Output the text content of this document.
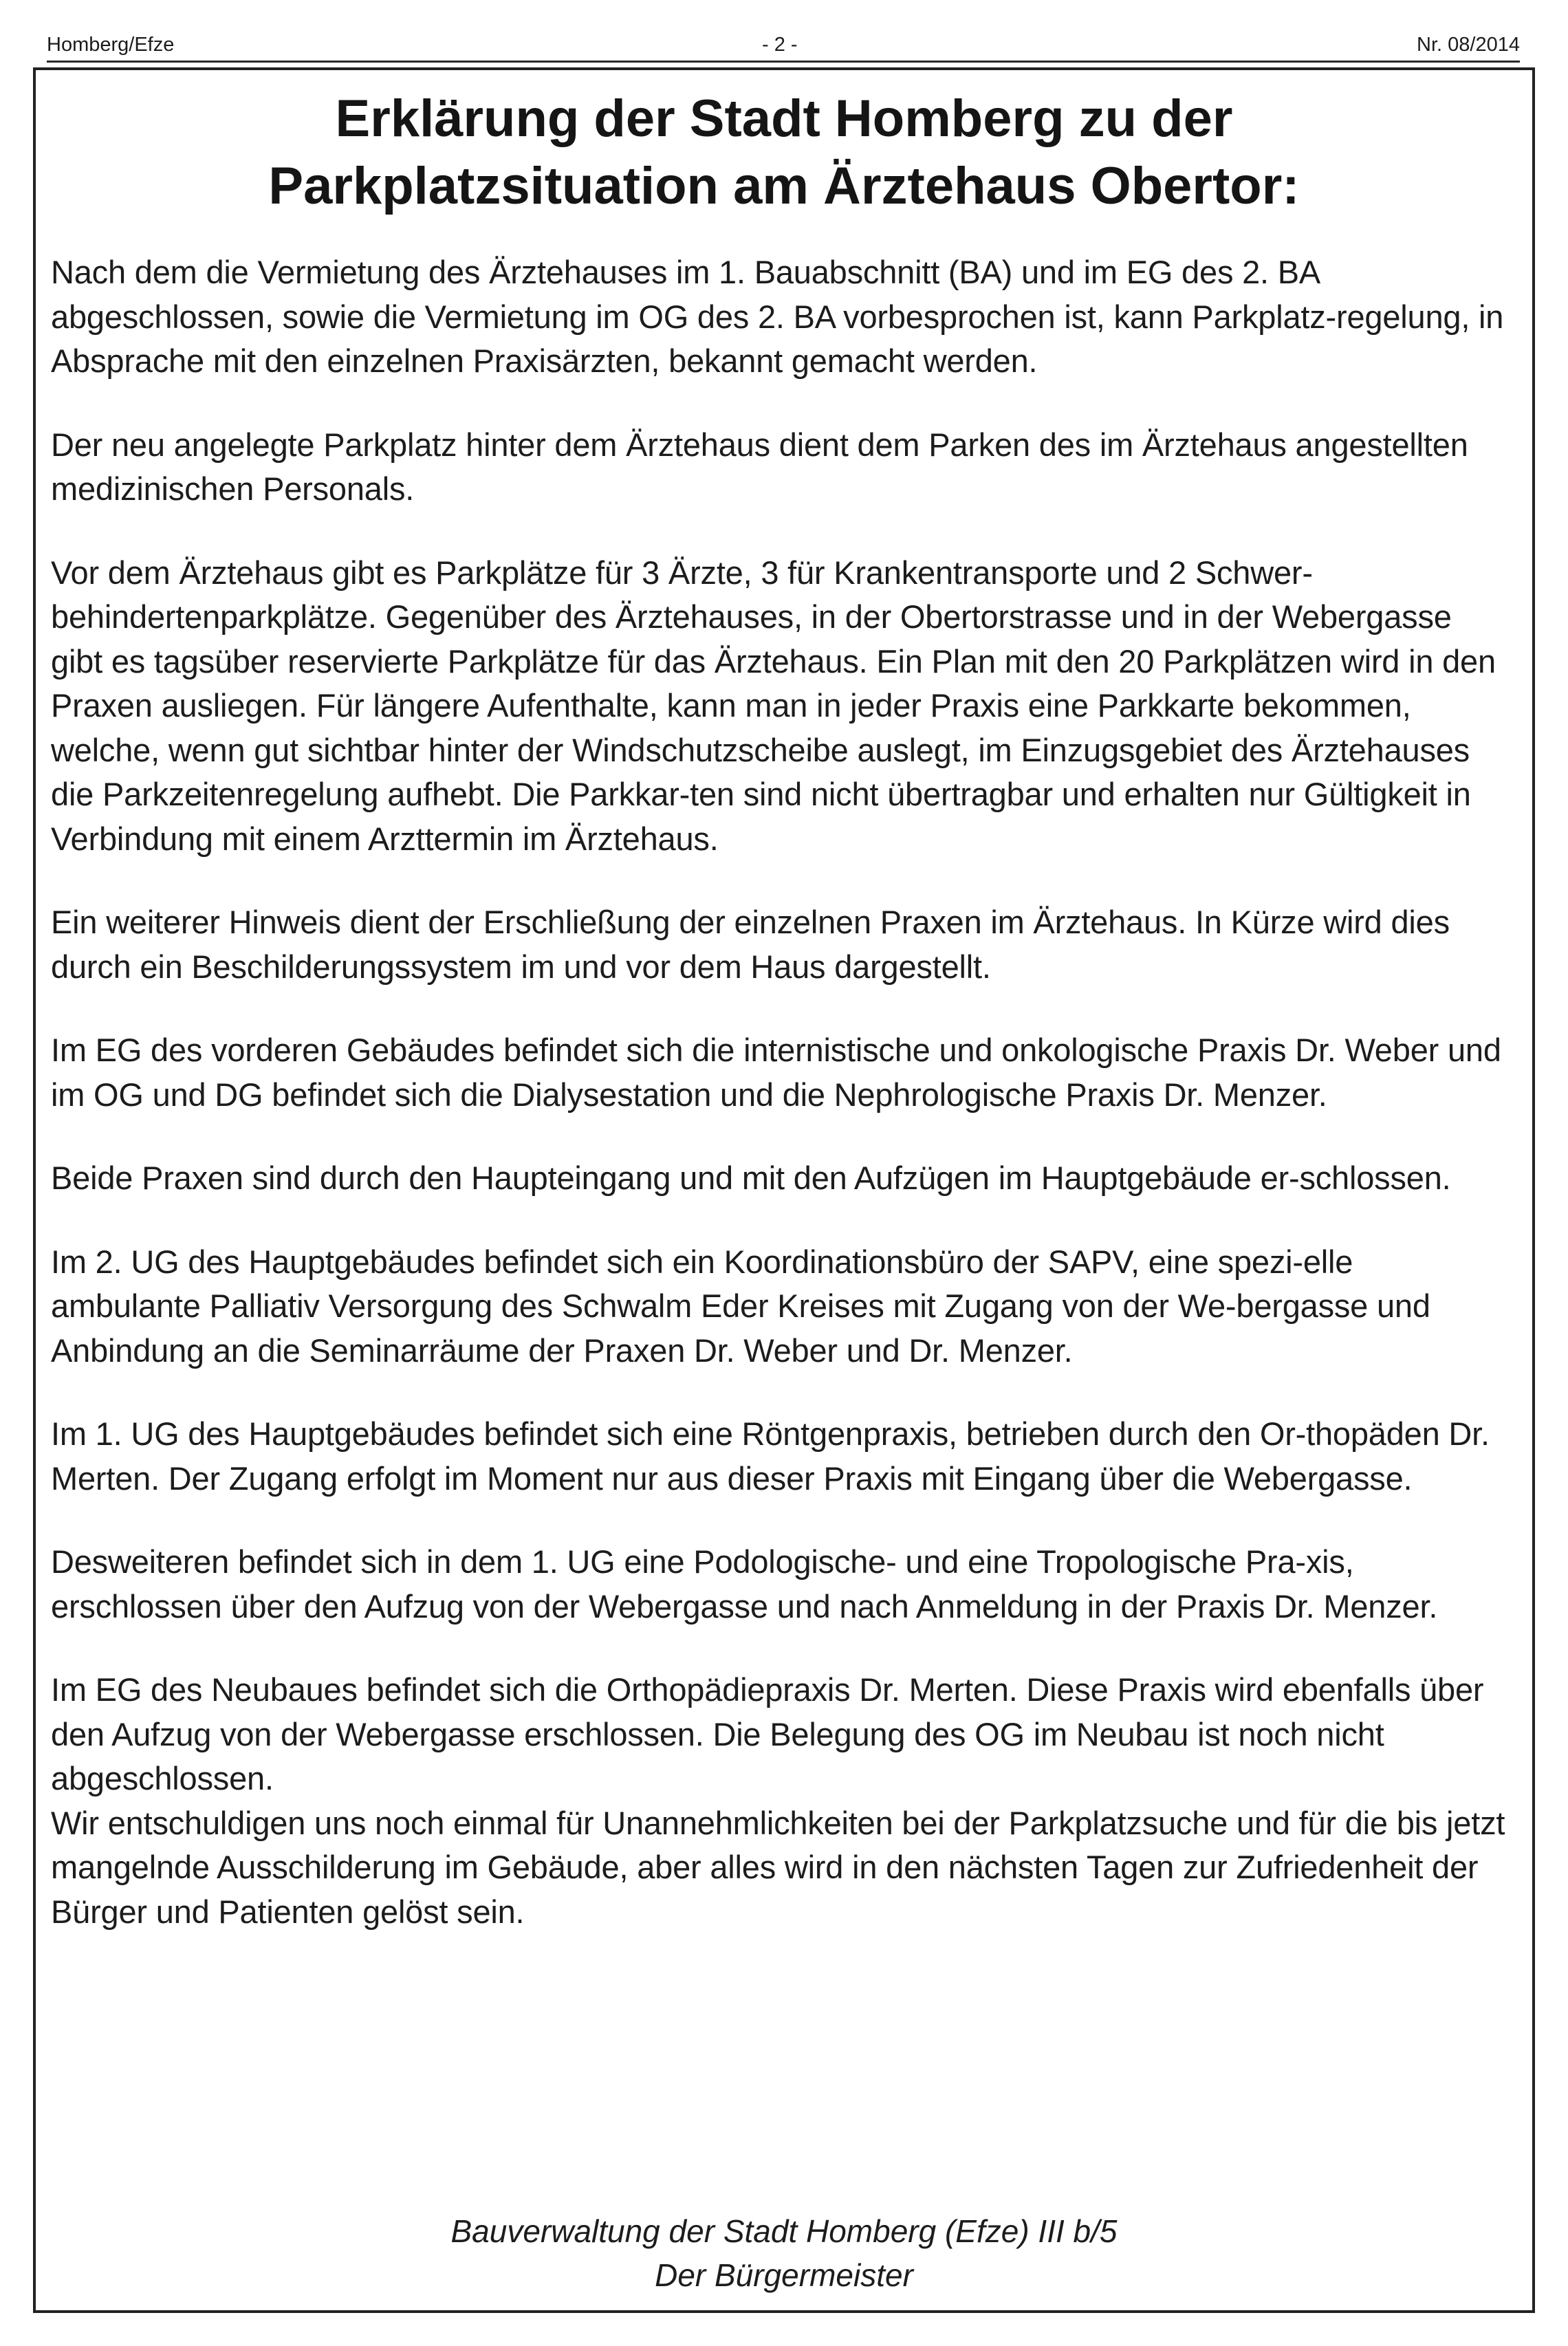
Homberg/Efze	- 2 -	Nr. 08/2014
Erklärung der Stadt Homberg zu der
Parkplatzsituation am Ärztehaus Obertor:

Nach dem die Vermietung des Ärztehauses im 1. Bauabschnitt (BA) und im EG des 2. BA abgeschlossen, sowie die Vermietung im OG des 2. BA vorbesprochen ist, kann Parkplatz-regelung, in Absprache mit den einzelnen Praxisärzten, bekannt gemacht werden.

Der neu angelegte Parkplatz hinter dem Ärztehaus dient dem Parken des im Ärztehaus angestellten medizinischen Personals.

Vor dem Ärztehaus gibt es Parkplätze für 3 Ärzte, 3 für Krankentransporte und 2 Schwer-behindertenparkplätze. Gegenüber des Ärztehauses, in der Obertorstrasse und in der Webergasse gibt es tagsüber reservierte Parkplätze für das Ärztehaus. Ein Plan mit den 20 Parkplätzen wird in den Praxen ausliegen. Für längere Aufenthalte, kann man in jeder Praxis eine Parkkarte bekommen, welche, wenn gut sichtbar hinter der Windschutzscheibe auslegt, im Einzugsgebiet des Ärztehauses die Parkzeitenregelung aufhebt. Die Parkkar-ten sind nicht übertragbar und erhalten nur Gültigkeit in Verbindung mit einem Arzttermin im Ärztehaus.

Ein weiterer Hinweis dient der Erschließung der einzelnen Praxen im Ärztehaus. In Kürze wird dies durch ein Beschilderungssystem im und vor dem Haus dargestellt.

Im EG des vorderen Gebäudes befindet sich die internistische und onkologische Praxis Dr. Weber und im OG und DG befindet sich die Dialysestation und die Nephrologische Praxis Dr. Menzer.

Beide Praxen sind durch den Haupteingang und mit den Aufzügen im Hauptgebäude er-schlossen.

Im 2. UG des Hauptgebäudes befindet sich ein Koordinationsbüro der SAPV, eine spezi-elle ambulante Palliativ Versorgung des Schwalm Eder Kreises mit Zugang von der We-bergasse und Anbindung an die Seminarräume der Praxen Dr. Weber und Dr. Menzer.

Im 1. UG des Hauptgebäudes befindet sich eine Röntgenpraxis, betrieben durch den Or-thopäden Dr. Merten. Der Zugang erfolgt im Moment nur aus dieser Praxis mit Eingang über die Webergasse.

Desweiteren befindet sich in dem 1. UG eine Podologische- und eine Tropologische Pra-xis, erschlossen über den Aufzug von der Webergasse und nach Anmeldung in der Praxis Dr. Menzer.

Im EG des Neubaues befindet sich die Orthopädiepraxis Dr. Merten. Diese Praxis wird ebenfalls über den Aufzug von der Webergasse erschlossen. Die Belegung des OG im Neubau ist noch nicht abgeschlossen.

Wir entschuldigen uns noch einmal für Unannehmlichkeiten bei der Parkplatzsuche und für die bis jetzt mangelnde Ausschilderung im Gebäude, aber alles wird in den nächsten Tagen zur Zufriedenheit der Bürger und Patienten gelöst sein.

Bauverwaltung der Stadt Homberg (Efze) III b/5
Der Bürgermeister
